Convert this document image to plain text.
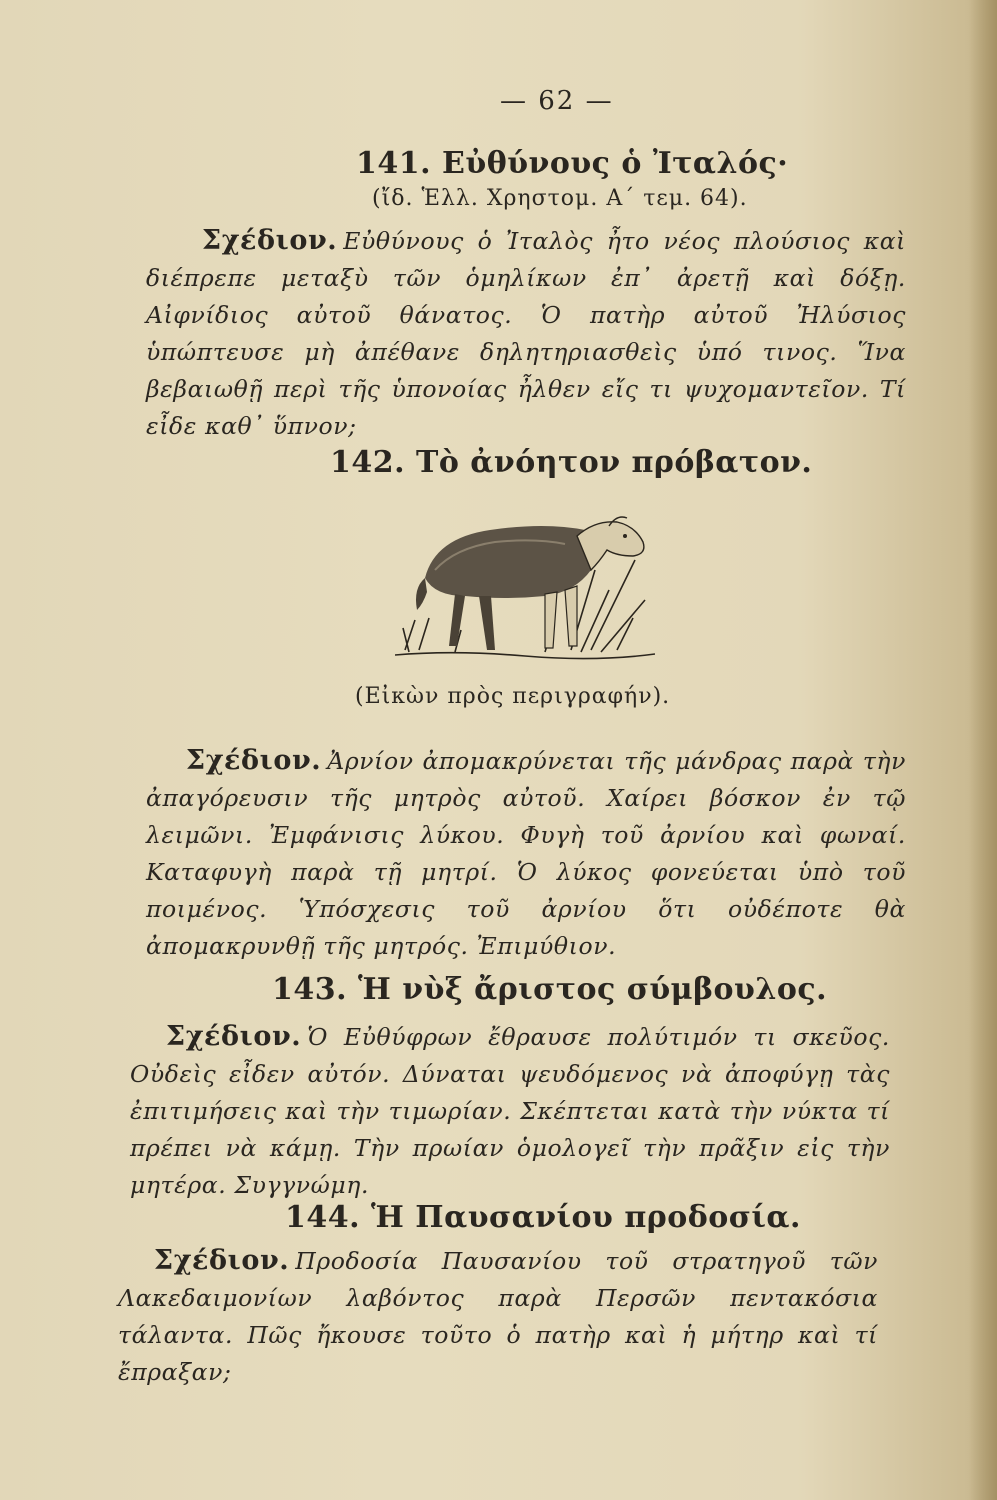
— 62 —
141. Εὐθύνους ὁ Ἰταλός·
(ἴδ. Ἑλλ. Χρηστομ. Α΄ τεμ. 64).
Σχέδιον. Εὐθύνους ὁ Ἰταλὸς ἦτο νέος πλούσιος καὶ διέπρεπε μεταξὺ τῶν ὁμηλίκων ἐπ᾽ ἀρετῇ καὶ δόξῃ. Αἰφνίδιος αὐτοῦ θάνατος. Ὁ πατὴρ αὐτοῦ Ἠλύσιος ὑπώπτευσε μὴ ἀπέθανε δηλητηριασθεὶς ὑπό τινος. Ἵνα βεβαιωθῇ περὶ τῆς ὑπονοίας ἦλθεν εἴς τι ψυχομαντεῖον. Τί εἶδε καθ᾽ ὕπνον;
142. Τὸ ἀνόητον πρόβατον.
(Εἰκὼν πρὸς περιγραφήν).
Σχέδιον. Ἀρνίον ἀπομακρύνεται τῆς μάνδρας παρὰ τὴν ἀπαγόρευσιν τῆς μητρὸς αὐτοῦ. Χαίρει βόσκον ἐν τῷ λειμῶνι. Ἐμφάνισις λύκου. Φυγὴ τοῦ ἀρνίου καὶ φωναί. Καταφυγὴ παρὰ τῇ μητρί. Ὁ λύκος φονεύεται ὑπὸ τοῦ ποιμένος. Ὑπόσχεσις τοῦ ἀρνίου ὅτι οὐδέποτε θὰ ἀπομακρυνθῇ τῆς μητρός. Ἐπιμύθιον.
143. Ἡ νὺξ ἄριστος σύμβουλος.
Σχέδιον. Ὁ Εὐθύφρων ἔθραυσε πολύτιμόν τι σκεῦος. Οὐδεὶς εἶδεν αὐτόν. Δύναται ψευδόμενος νὰ ἀποφύγῃ τὰς ἐπιτιμήσεις καὶ τὴν τιμωρίαν. Σκέπτεται κατὰ τὴν νύκτα τί πρέπει νὰ κάμῃ. Τὴν πρωίαν ὁμολογεῖ τὴν πρᾶξιν εἰς τὴν μητέρα. Συγγνώμη.
144. Ἡ Παυσανίου προδοσία.
Σχέδιον. Προδοσία Παυσανίου τοῦ στρατηγοῦ τῶν Λακεδαιμονίων λαβόντος παρὰ Περσῶν πεντακόσια τάλαντα. Πῶς ἤκουσε τοῦτο ὁ πατὴρ καὶ ἡ μήτηρ καὶ τί ἔπραξαν;
